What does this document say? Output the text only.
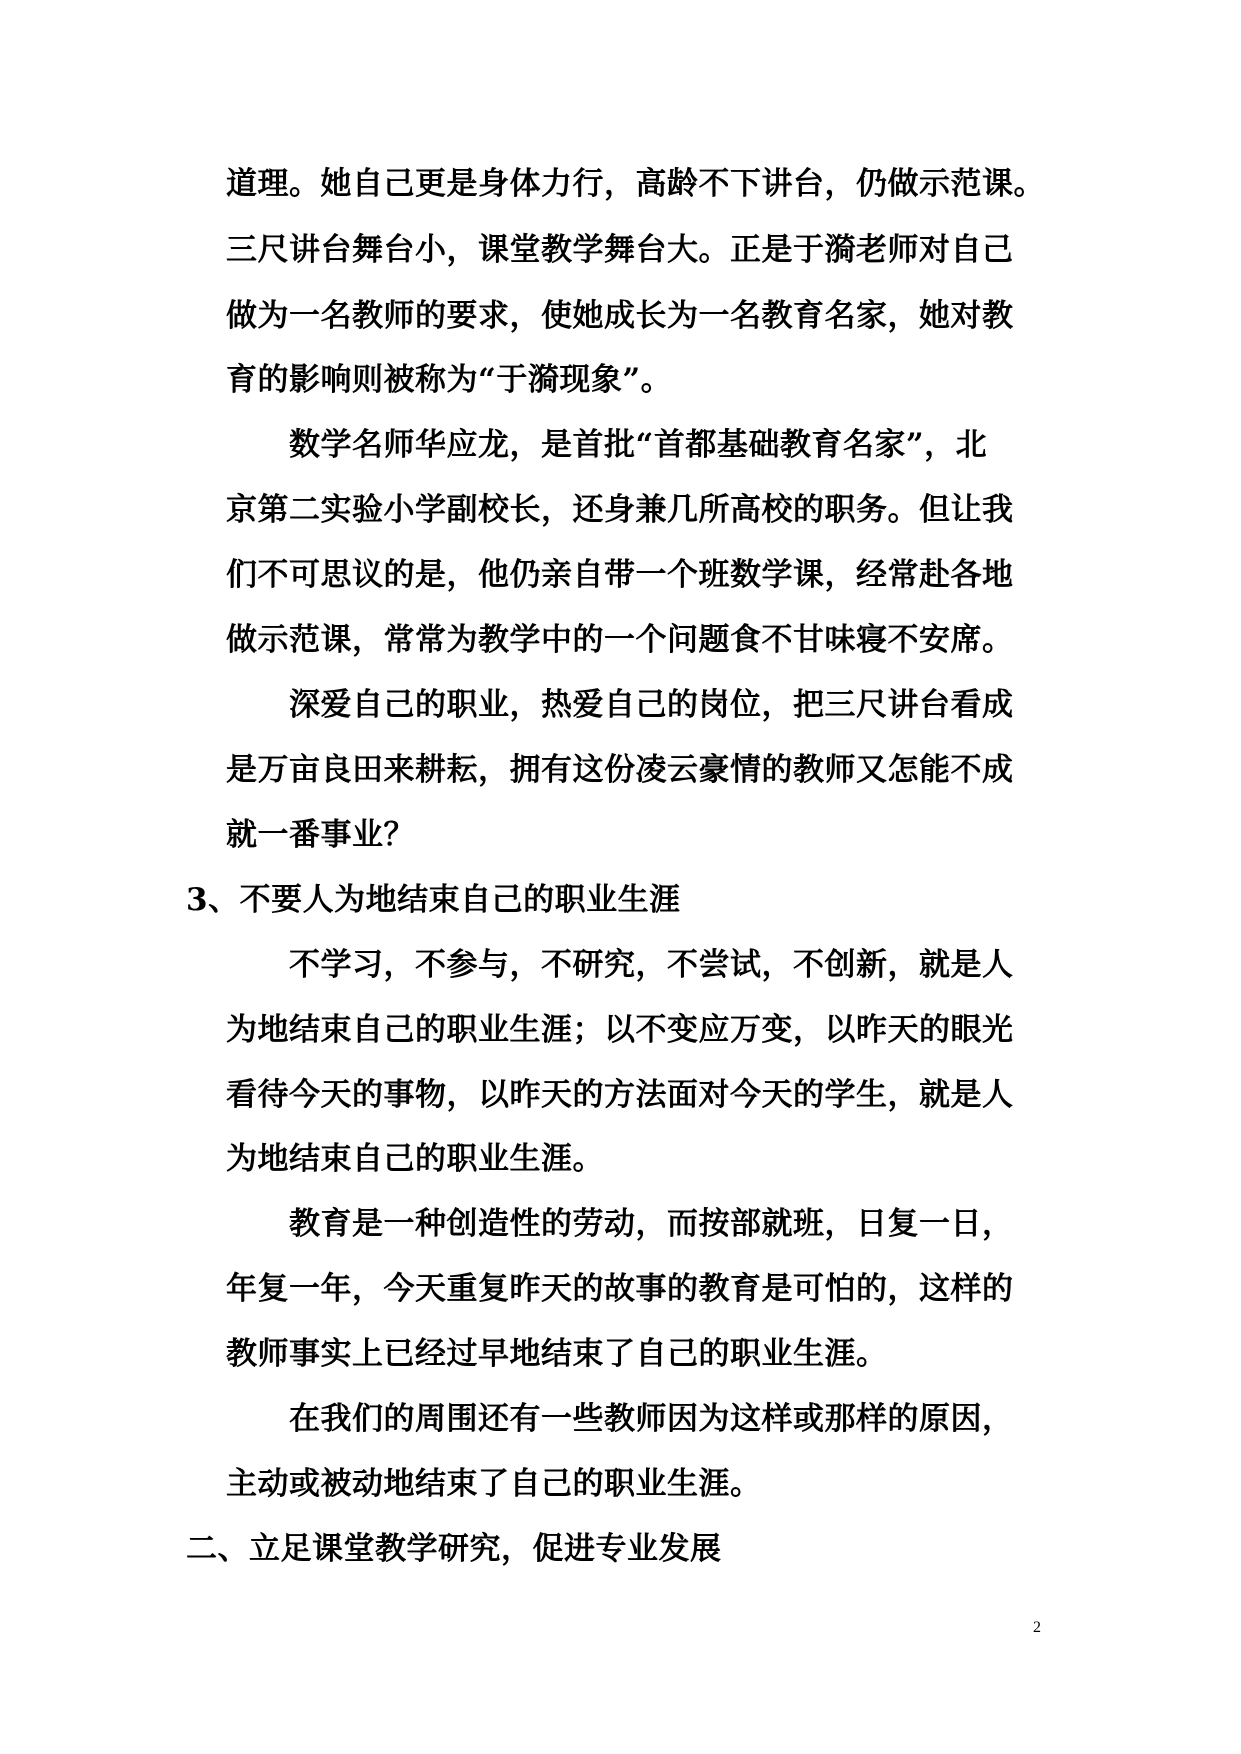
道理。她自己更是身体力行，高龄不下讲台，仍做示范课。
三尺讲台舞台小，课堂教学舞台大。正是于漪老师对自己
做为一名教师的要求，使她成长为一名教育名家，她对教
育的影响则被称为“于漪现象”。
数学名师华应龙，是首批“首都基础教育名家”，北
京第二实验小学副校长，还身兼几所高校的职务。但让我
们不可思议的是，他仍亲自带一个班数学课，经常赴各地
做示范课，常常为教学中的一个问题食不甘味寝不安席。
深爱自己的职业，热爱自己的岗位，把三尺讲台看成
是万亩良田来耕耘，拥有这份凌云豪情的教师又怎能不成
就一番事业？
3、不要人为地结束自己的职业生涯
不学习，不参与，不研究，不尝试，不创新，就是人
为地结束自己的职业生涯；以不变应万变，以昨天的眼光
看待今天的事物，以昨天的方法面对今天的学生，就是人
为地结束自己的职业生涯。
教育是一种创造性的劳动，而按部就班，日复一日，
年复一年，今天重复昨天的故事的教育是可怕的，这样的
教师事实上已经过早地结束了自己的职业生涯。
在我们的周围还有一些教师因为这样或那样的原因，
主动或被动地结束了自己的职业生涯。
二、立足课堂教学研究，促进专业发展
2
